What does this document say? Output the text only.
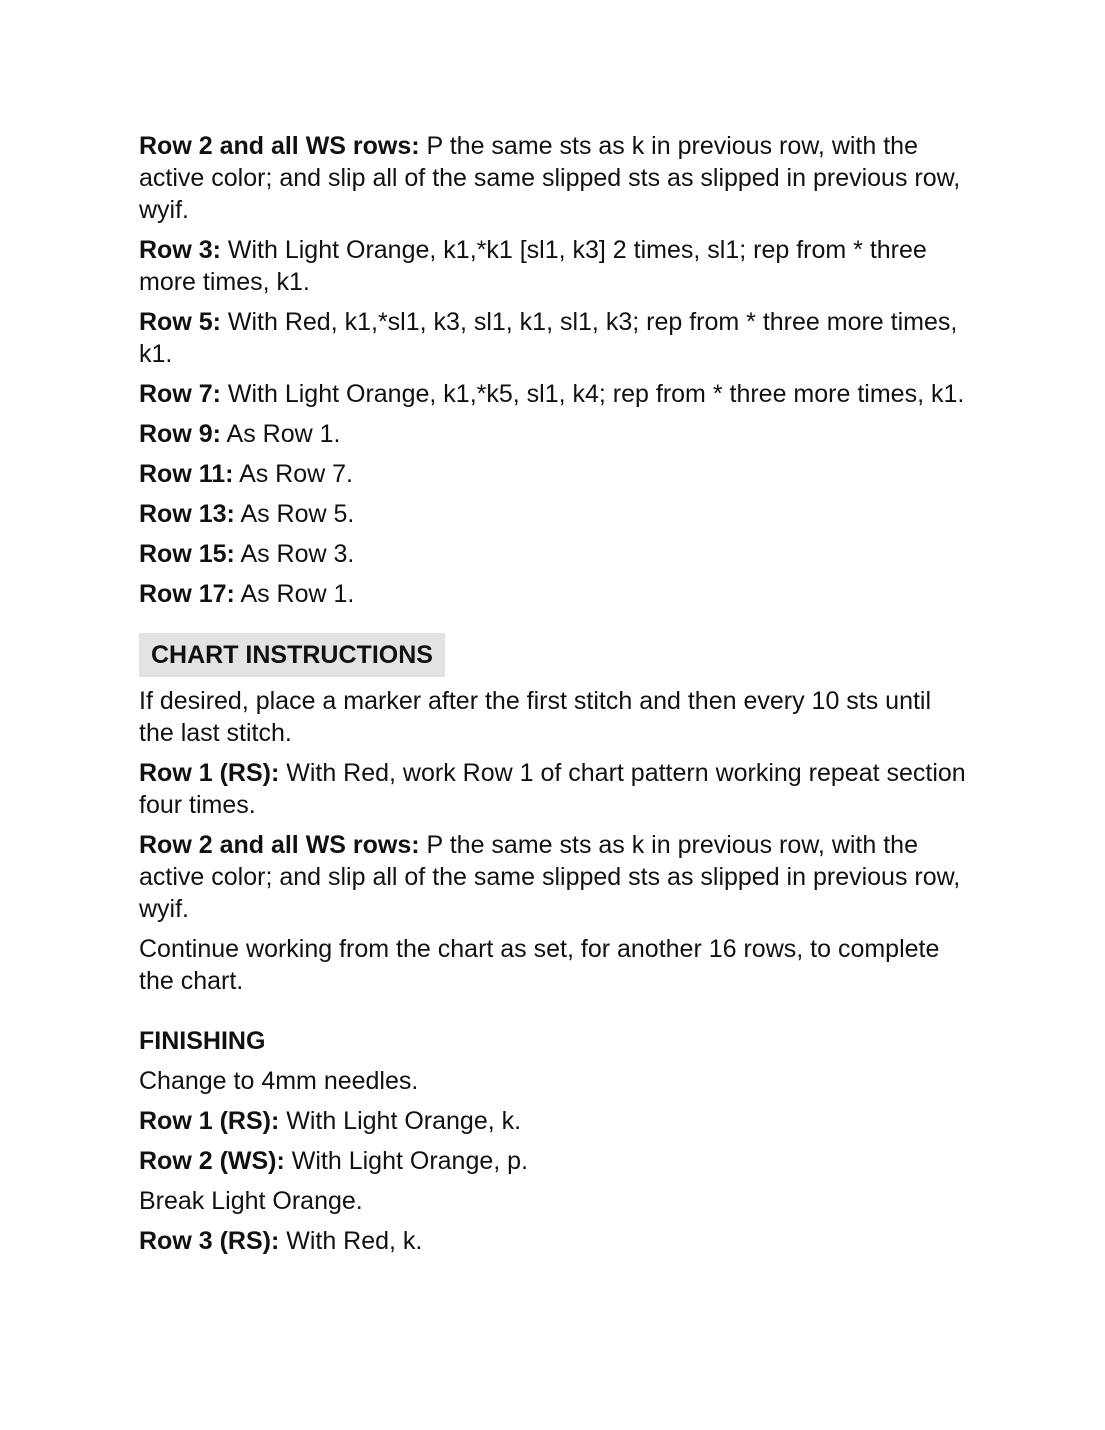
Row 2 and all WS rows: P the same sts as k in previous row, with the active color; and slip all of the same slipped sts as slipped in previous row, wyif.

Row 3: With Light Orange, k1,*k1 [sl1, k3] 2 times, sl1; rep from * three more times, k1.

Row 5: With Red, k1,*sl1, k3, sl1, k1, sl1, k3; rep from * three more times, k1.

Row 7: With Light Orange, k1,*k5, sl1, k4; rep from * three more times, k1.

Row 9: As Row 1.

Row 11: As Row 7.

Row 13: As Row 5.

Row 15: As Row 3.

Row 17: As Row 1.

CHART INSTRUCTIONS

If desired, place a marker after the first stitch and then every 10 sts until the last stitch.

Row 1 (RS): With Red, work Row 1 of chart pattern working repeat section four times.

Row 2 and all WS rows: P the same sts as k in previous row, with the active color; and slip all of the same slipped sts as slipped in previous row, wyif.

Continue working from the chart as set, for another 16 rows, to complete the chart.

FINISHING

Change to 4mm needles.

Row 1 (RS): With Light Orange, k.

Row 2 (WS): With Light Orange, p.

Break Light Orange.

Row 3 (RS): With Red, k.
